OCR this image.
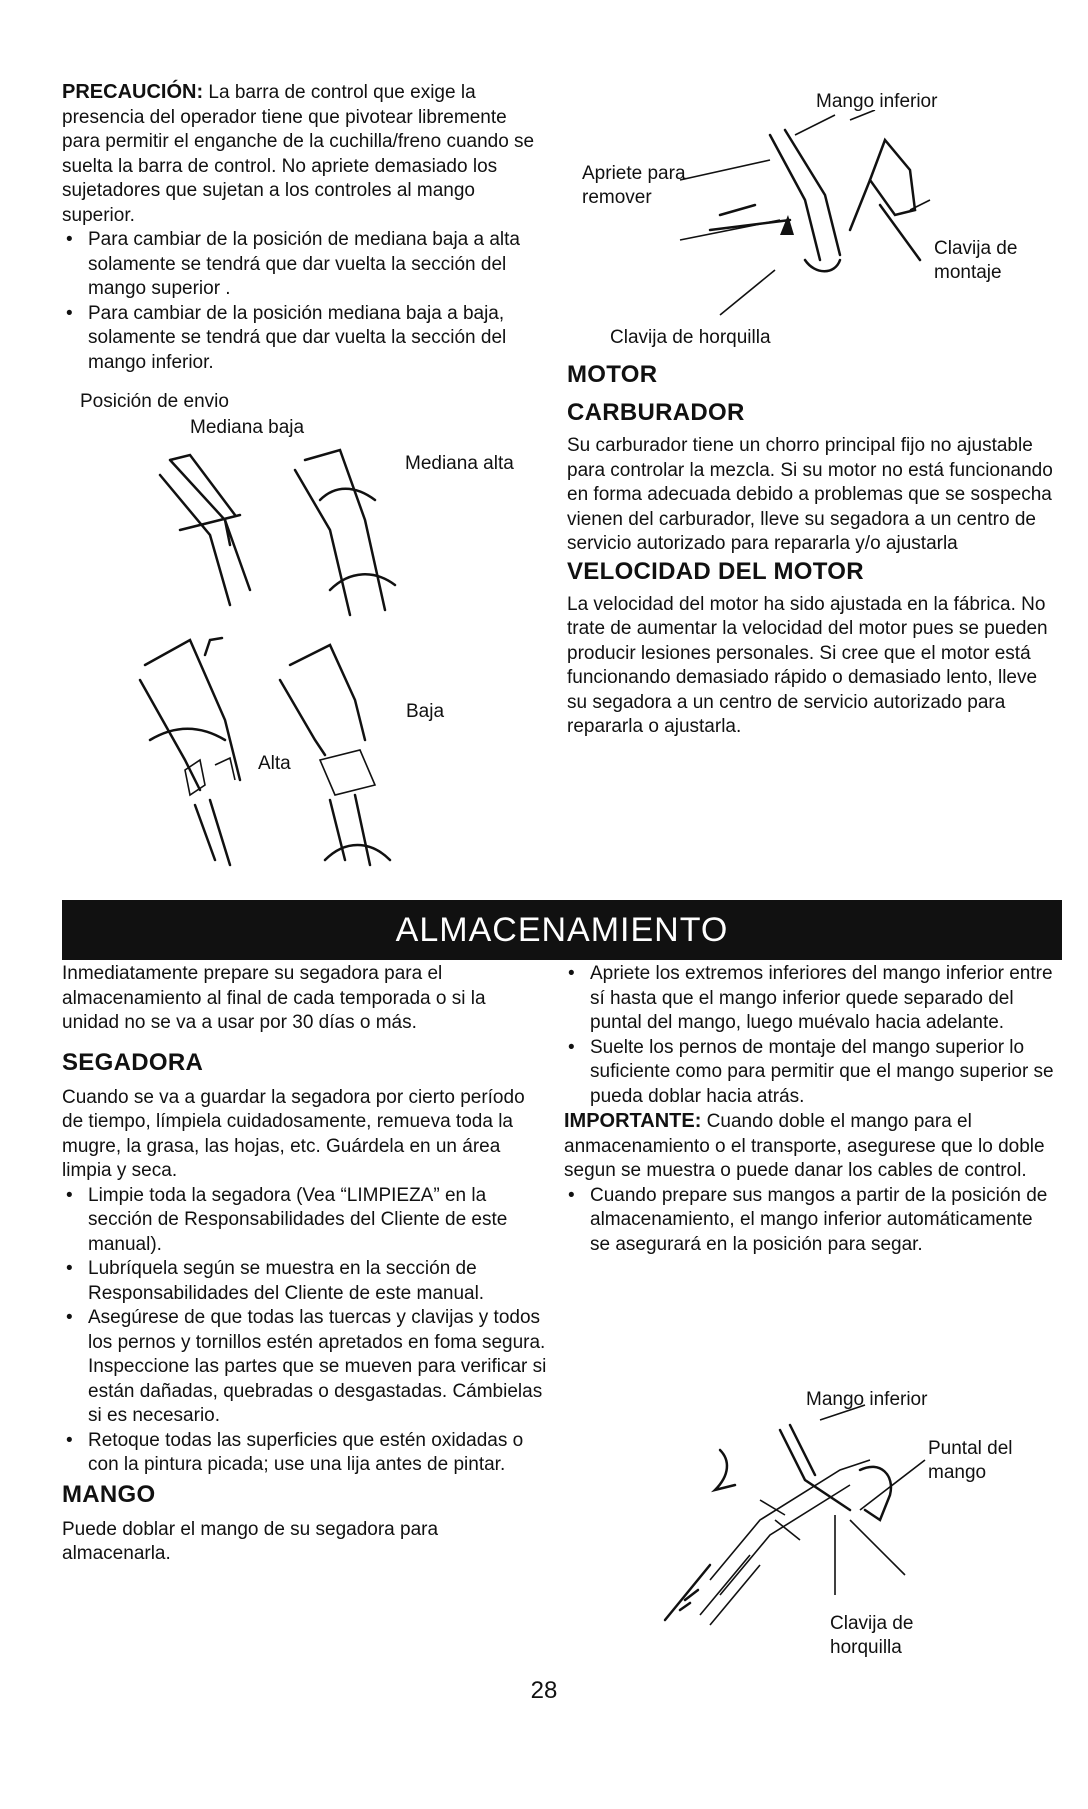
PRECAUCIÓN: La barra de control que exige la presencia del operador tiene que pivotear libremente para permitir el enganche de la cuchilla/freno cuando se suelta la barra de control. No apriete demasiado los sujetadores que sujetan a los controles al mango superior.

• Para cambiar de la posición de mediana baja a alta solamente se tendrá que dar vuelta la sección del mango superior .

• Para cambiar de la posición mediana baja a baja, solamente se tendrá que dar vuelta la sección del mango inferior.

Posición de envio
Mediana baja
Mediana alta
Alta
Baja
Mango inferior
Apriete para
remover
Clavija de
montaje
Clavija de horquilla
MOTOR
CARBURADOR

Su carburador tiene un chorro principal fijo no ajustable para controlar la mezcla. Si su motor no está funcionando en forma adecuada debido a problemas que se sospecha vienen del carburador, lleve su segadora a un centro de servicio autorizado para repararla y/o ajustarla

VELOCIDAD DEL MOTOR

La velocidad del motor ha sido ajustada en la fábrica. No trate de aumentar la velocidad del motor pues se pueden producir lesiones personales. Si cree que el motor está funcionando demasiado rápido o demasiado lento, lleve su segadora a un centro de servicio autorizado para repararla o ajustarla.

ALMACENAMIENTO

Inmediatamente prepare su segadora para el almacenamiento al final de cada temporada o si la unidad no se va a usar por 30 días o más.

SEGADORA

Cuando se va a guardar la segadora por cierto período de tiempo, límpiela cuidadosamente, remueva toda la mugre, la grasa, las hojas, etc. Guárdela en un área limpia y seca.

• Limpie toda la segadora (Vea “LIMPIEZA” en la sección de Responsabilidades del Cliente de este manual).

• Lubríquela según se muestra en la sección de Responsabilidades del Cliente de este manual.

• Asegúrese de que todas las tuercas y clavijas y todos los pernos y tornillos estén apretados en foma segura. Inspeccione las partes que se mueven para verificar si están dañadas, quebradas o desgastadas. Cámbielas si es necesario.

• Retoque todas las superficies que estén oxidadas o con la pintura picada; use una lija antes de pintar.

MANGO

Puede doblar el mango de su segadora para almacenarla.

• Apriete los extremos inferiores del mango inferior entre sí hasta que el mango inferior quede separado del puntal del mango, luego muévalo hacia adelante.

• Suelte los pernos de montaje del mango superior lo suficiente como para permitir que el mango superior se pueda doblar hacia atrás.

IMPORTANTE: Cuando doble el mango para el anmacenamiento o el transporte, asegurese que lo doble segun se muestra o puede danar los cables de control.

• Cuando prepare sus mangos a partir de la posición de almacenamiento, el mango inferior automáticamente se asegurará en la posición para segar.

Mango inferior
Puntal del
mango
Clavija de
horquilla
28
